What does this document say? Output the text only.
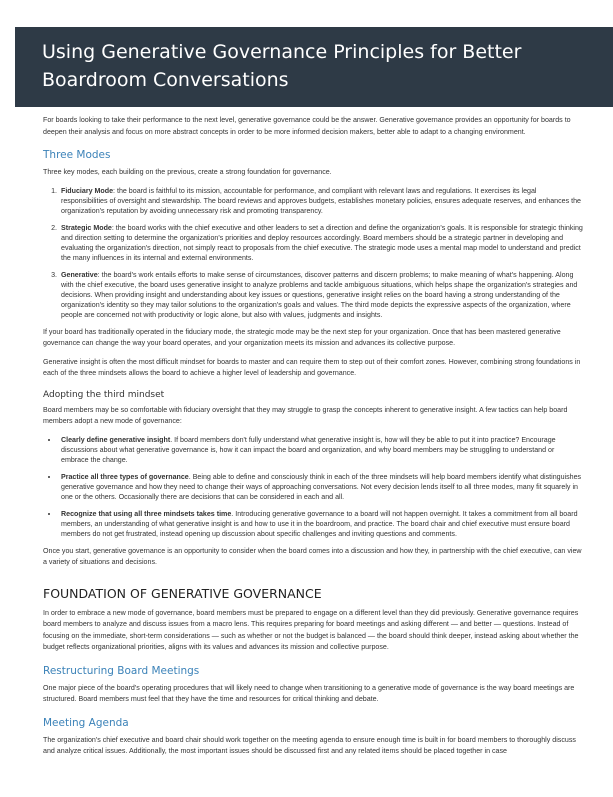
Using Generative Governance Principles for Better Boardroom Conversations

For boards looking to take their performance to the next level, generative governance could be the answer. Generative governance provides an opportunity for boards to deepen their analysis and focus on more abstract concepts in order to be more informed decision makers, better able to adapt to a changing environment.

Three Modes

Three key modes, each building on the previous, create a strong foundation for governance.

1. Fiduciary Mode: the board is faithful to its mission, accountable for performance, and compliant with relevant laws and regulations. It exercises its legal responsibilities of oversight and stewardship. The board reviews and approves budgets, establishes monetary policies, ensures adequate reserves, and enhances the organization's reputation by avoiding unnecessary risk and promoting transparency.
2. Strategic Mode: the board works with the chief executive and other leaders to set a direction and define the organization's goals. It is responsible for strategic thinking and direction setting to determine the organization's priorities and deploy resources accordingly. Board members should be a strategic partner in developing and evaluating the organization's direction, not simply react to proposals from the chief executive. The strategic mode uses a mental map model to understand and predict the many influences in its internal and external environments.
3. Generative: the board's work entails efforts to make sense of circumstances, discover patterns and discern problems; to make meaning of what's happening. Along with the chief executive, the board uses generative insight to analyze problems and tackle ambiguous situations, which helps shape the organization's strategies and decisions. When providing insight and understanding about key issues or questions, generative insight relies on the board having a strong understanding of the organization's identity so they may tailor solutions to the organization's goals and values. The third mode depicts the expressive aspects of the organization, where people are concerned not with productivity or logic alone, but also with values, judgments and insights.

If your board has traditionally operated in the fiduciary mode, the strategic mode may be the next step for your organization. Once that has been mastered generative governance can change the way your board operates, and your organization meets its mission and advances its collective purpose.

Generative insight is often the most difficult mindset for boards to master and can require them to step out of their comfort zones. However, combining strong foundations in each of the three mindsets allows the board to achieve a higher level of leadership and governance.

Adopting the third mindset

Board members may be so comfortable with fiduciary oversight that they may struggle to grasp the concepts inherent to generative insight. A few tactics can help board members adopt a new mode of governance:

• Clearly define generative insight. If board members don't fully understand what generative insight is, how will they be able to put it into practice? Encourage discussions about what generative governance is, how it can impact the board and organization, and why board members may be struggling to understand or embrace the change.
• Practice all three types of governance. Being able to define and consciously think in each of the three mindsets will help board members identify what distinguishes generative governance and how they need to change their ways of approaching conversations. Not every decision lends itself to all three modes, many fit squarely in one or the others. Occasionally there are decisions that can be considered in each and all.
• Recognize that using all three mindsets takes time. Introducing generative governance to a board will not happen overnight. It takes a commitment from all board members, an understanding of what generative insight is and how to use it in the boardroom, and practice. The board chair and chief executive must ensure board members do not get frustrated, instead opening up discussion about specific challenges and inviting questions and comments.

Once you start, generative governance is an opportunity to consider when the board comes into a discussion and how they, in partnership with the chief executive, can view a variety of situations and decisions.

FOUNDATION OF GENERATIVE GOVERNANCE

In order to embrace a new mode of governance, board members must be prepared to engage on a different level than they did previously. Generative governance requires board members to analyze and discuss issues from a macro lens. This requires preparing for board meetings and asking different — and better — questions. Instead of focusing on the immediate, short-term considerations — such as whether or not the budget is balanced — the board should think deeper, instead asking about whether the budget reflects organizational priorities, aligns with its values and advances its mission and collective purpose.

Restructuring Board Meetings

One major piece of the board's operating procedures that will likely need to change when transitioning to a generative mode of governance is the way board meetings are structured. Board members must feel that they have the time and resources for critical thinking and debate.

Meeting Agenda

The organization's chief executive and board chair should work together on the meeting agenda to ensure enough time is built in for board members to thoroughly discuss and analyze critical issues. Additionally, the most important issues should be discussed first and any related items should be placed together in case
